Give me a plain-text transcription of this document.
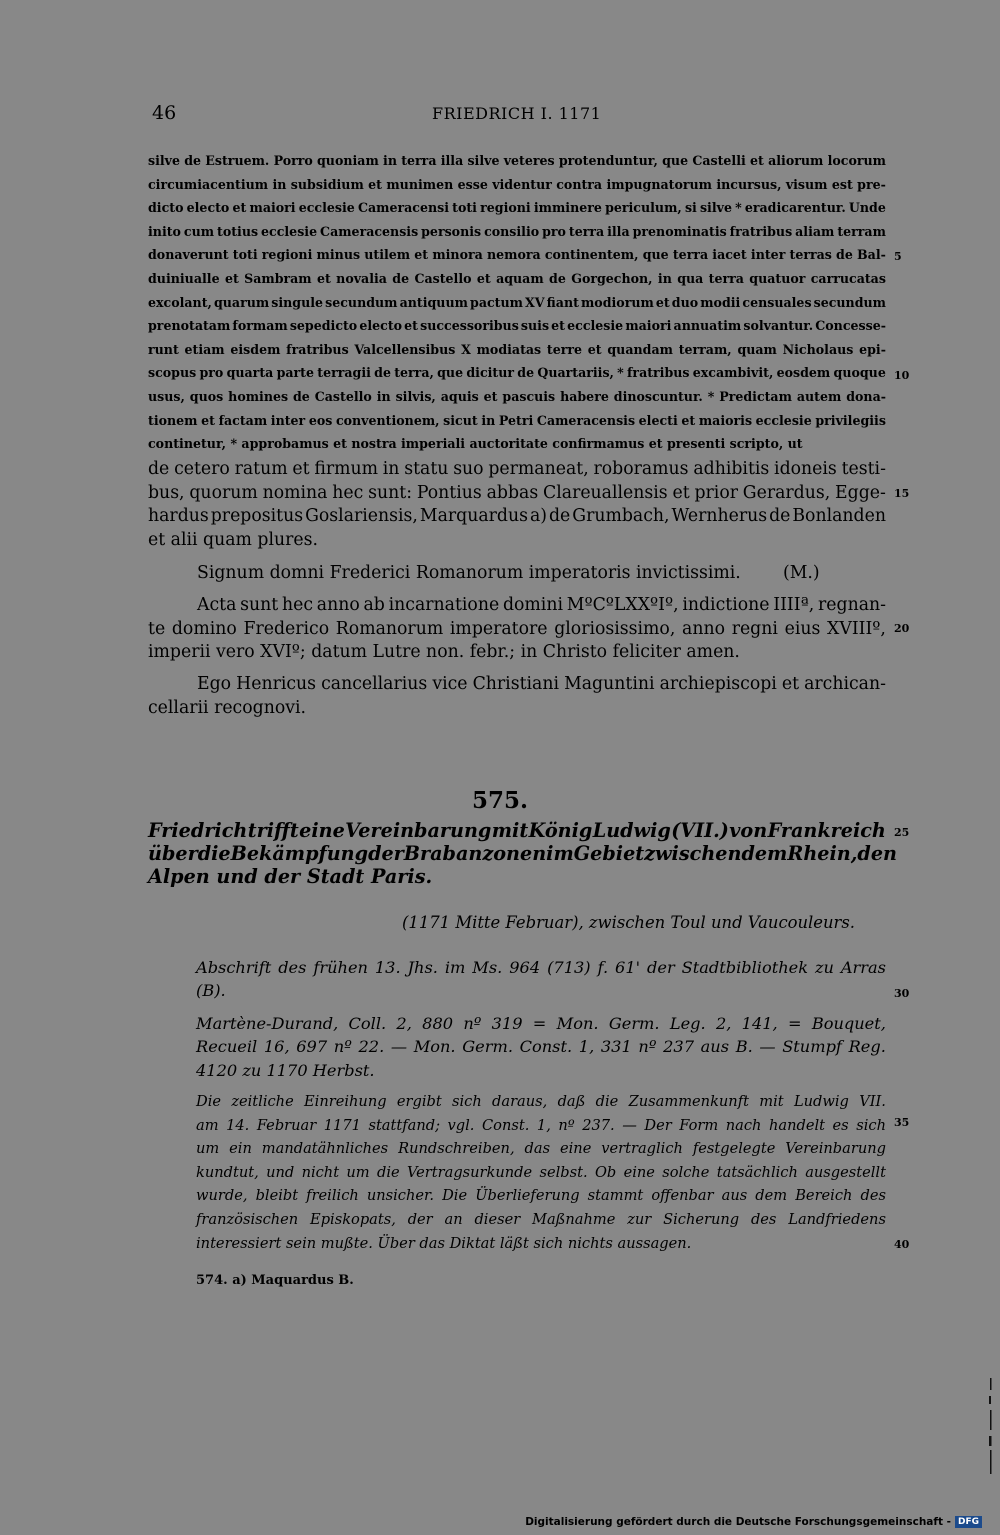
46	FRIEDRICH I. 1171
silve de Estruem. Porro quoniam in terra illa silve veteres protenduntur, que Castelli et aliorum locorum
circumiacentium in subsidium et munimen esse videntur contra impugnatorum incursus, visum est pre-
dicto electo et maiori ecclesie Cameracensi toti regioni imminere periculum, si silve * eradicarentur. Unde
inito cum totius ecclesie Cameracensis personis consilio pro terra illa prenominatis fratribus aliam terram
donaverunt toti regioni minus utilem et minora nemora continentem, que terra iacet inter terras de Bal-
duiniualle et Sambram et novalia de Castello et aquam de Gorgechon, in qua terra quatuor carrucatas
excolant, quarum singule secundum antiquum pactum XV fiant modiorum et duo modii censuales secundum
prenotatam formam sepedicto electo et successoribus suis et ecclesie maiori annuatim solvantur. Concesse-
runt etiam eisdem fratribus Valcellensibus X modiatas terre et quandam terram, quam Nicholaus epi-
scopus pro quarta parte terragii de terra, que dicitur de Quartariis, * fratribus excambivit, eosdem quoque
usus, quos homines de Castello in silvis, aquis et pascuis habere dinoscuntur. * Predictam autem dona-
tionem et factam inter eos conventionem, sicut in Petri Cameracensis electi et maioris ecclesie privilegiis
continetur, * approbamus et nostra imperiali auctoritate confirmamus et presenti scripto, ut
de cetero ratum et firmum in statu suo permaneat, roboramus adhibitis idoneis testi-
bus, quorum nomina hec sunt: Pontius abbas Clareuallensis et prior Gerardus, Egge-
hardus prepositus Goslariensis, Marquardus a) de Grumbach, Wernherus de Bonlanden
et alii quam plures.
Signum domni Frederici Romanorum imperatoris invictissimi. (M.)
Acta sunt hec anno ab incarnatione domini MºCºLXXºIº, indictione IIIIª, regnan-
te domino Frederico Romanorum imperatore gloriosissimo, anno regni eius XVIIIº,
imperii vero XVIº; datum Lutre non. febr.; in Christo feliciter amen.
Ego Henricus cancellarius vice Christiani Maguntini archiepiscopi et archican-
cellarii recognovi.
575.
Friedrich trifft eine Vereinbarung mit König Ludwig (VII.) von Frankreich
über die Bekämpfung der Brabanzonen im Gebiet zwischen dem Rhein, den
Alpen und der Stadt Paris.
(1171 Mitte Februar), zwischen Toul und Vaucouleurs.
Abschrift des frühen 13. Jhs. im Ms. 964 (713) f. 61' der Stadtbibliothek zu Arras
(B).
Martène-Durand, Coll. 2, 880 nº 319 = Mon. Germ. Leg. 2, 141, = Bouquet,
Recueil 16, 697 nº 22. — Mon. Germ. Const. 1, 331 nº 237 aus B. — Stumpf Reg.
4120 zu 1170 Herbst.
Die zeitliche Einreihung ergibt sich daraus, daß die Zusammenkunft mit Ludwig VII.
am 14. Februar 1171 stattfand; vgl. Const. 1, nº 237. — Der Form nach handelt es sich
um ein mandatähnliches Rundschreiben, das eine vertraglich festgelegte Vereinbarung
kundtut, und nicht um die Vertragsurkunde selbst. Ob eine solche tatsächlich ausgestellt
wurde, bleibt freilich unsicher. Die Überlieferung stammt offenbar aus dem Bereich des
französischen Episkopats, der an dieser Maßnahme zur Sicherung des Landfriedens
interessiert sein mußte. Über das Diktat läßt sich nichts aussagen.
574. a) Maquardus B.
5
10
15
20
25
30
35
40
Digitalisierung gefördert durch die Deutsche Forschungsgemeinschaft - DFG
